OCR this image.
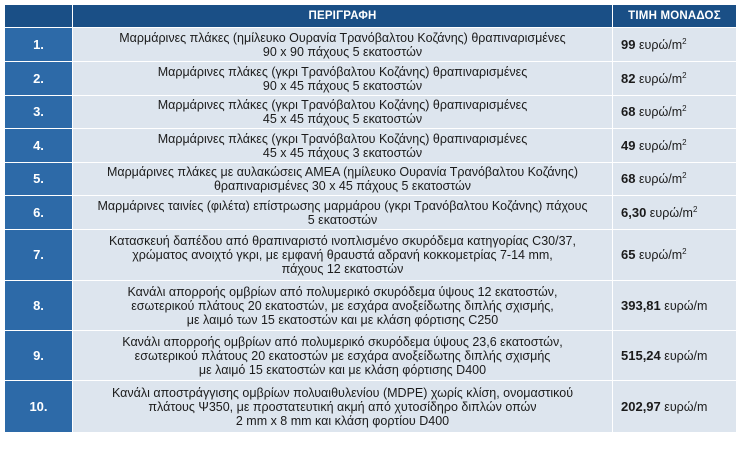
	ΠΕΡΙΓΡΑΦΗ	ΤΙΜΗ ΜΟΝΑΔΟΣ
1.	Μαρμάρινες πλάκες (ημίλευκο Ουρανία Τρανόβαλτου Κοζάνης) θραπιναρισμένες
90 x 90 πάχους 5 εκατοστών	99 ευρώ/$m^2$
2.	Μαρμάρινες πλάκες (γκρι Τρανόβαλτου Κοζάνης) θραπιναρισμένες
90 x 45 πάχους 5 εκατοστών	82 ευρώ/$m^2$
3.	Μαρμάρινες πλάκες (γκρι Τρανόβαλτου Κοζάνης) θραπιναρισμένες
45 x 45 πάχους 5 εκατοστών	68 ευρώ/$m^2$
4.	Μαρμάρινες πλάκες (γκρι Τρανόβαλτου Κοζάνης) θραπιναρισμένες
45 x 45 πάχους 3 εκατοστών	49 ευρώ/$m^2$
5.	Μαρμάρινες πλάκες με αυλακώσεις ΑΜΕΑ (ημίλευκο Ουρανία Τρανόβαλτου Κοζάνης)
θραπιναρισμένες 30 x 45 πάχους 5 εκατοστών	68 ευρώ/$m^2$
6.	Μαρμάρινες ταινίες (φιλέτα) επίστρωσης μαρμάρου (γκρι Τρανόβαλτου Κοζάνης) πάχους
5 εκατοστών	6,30 ευρώ/$m^2$
7.	Κατασκευή δαπέδου από θραπιναριστό ινοπλισμένο σκυρόδεμα κατηγορίας C30/37,
χρώματος ανοιχτό γκρι, με εμφανή θραυστά αδρανή κοκκομετρίας 7-14 mm,
πάχους 12 εκατοστών	65 ευρώ/$m^2$
8.	Κανάλι απορροής ομβρίων από πολυμερικό σκυρόδεμα ύψους 12 εκατοστών,
εσωτερικού πλάτους 20 εκατοστών, με εσχάρα ανοξείδωτης διπλής σχισμής,
με λαιμό των 15 εκατοστών και με κλάση φόρτισης C250	393,81 ευρώ/m
9.	Κανάλι απορροής ομβρίων από πολυμερικό σκυρόδεμα ύψους 23,6 εκατοστών,
εσωτερικού πλάτους 20 εκατοστών με εσχάρα ανοξείδωτης διπλής σχισμής
με λαιμό 15 εκατοστών και με κλάση φόρτισης D400	515,24 ευρώ/m
10.	Κανάλι αποστράγγισης ομβρίων πολυαιθυλενίου (MDPE) χωρίς κλίση, ονομαστικού
πλάτους Ψ350, με προστατευτική ακμή από χυτοσίδηρο διπλών οπών
2 mm x 8 mm και κλάση φορτίου D400	202,97 ευρώ/m
